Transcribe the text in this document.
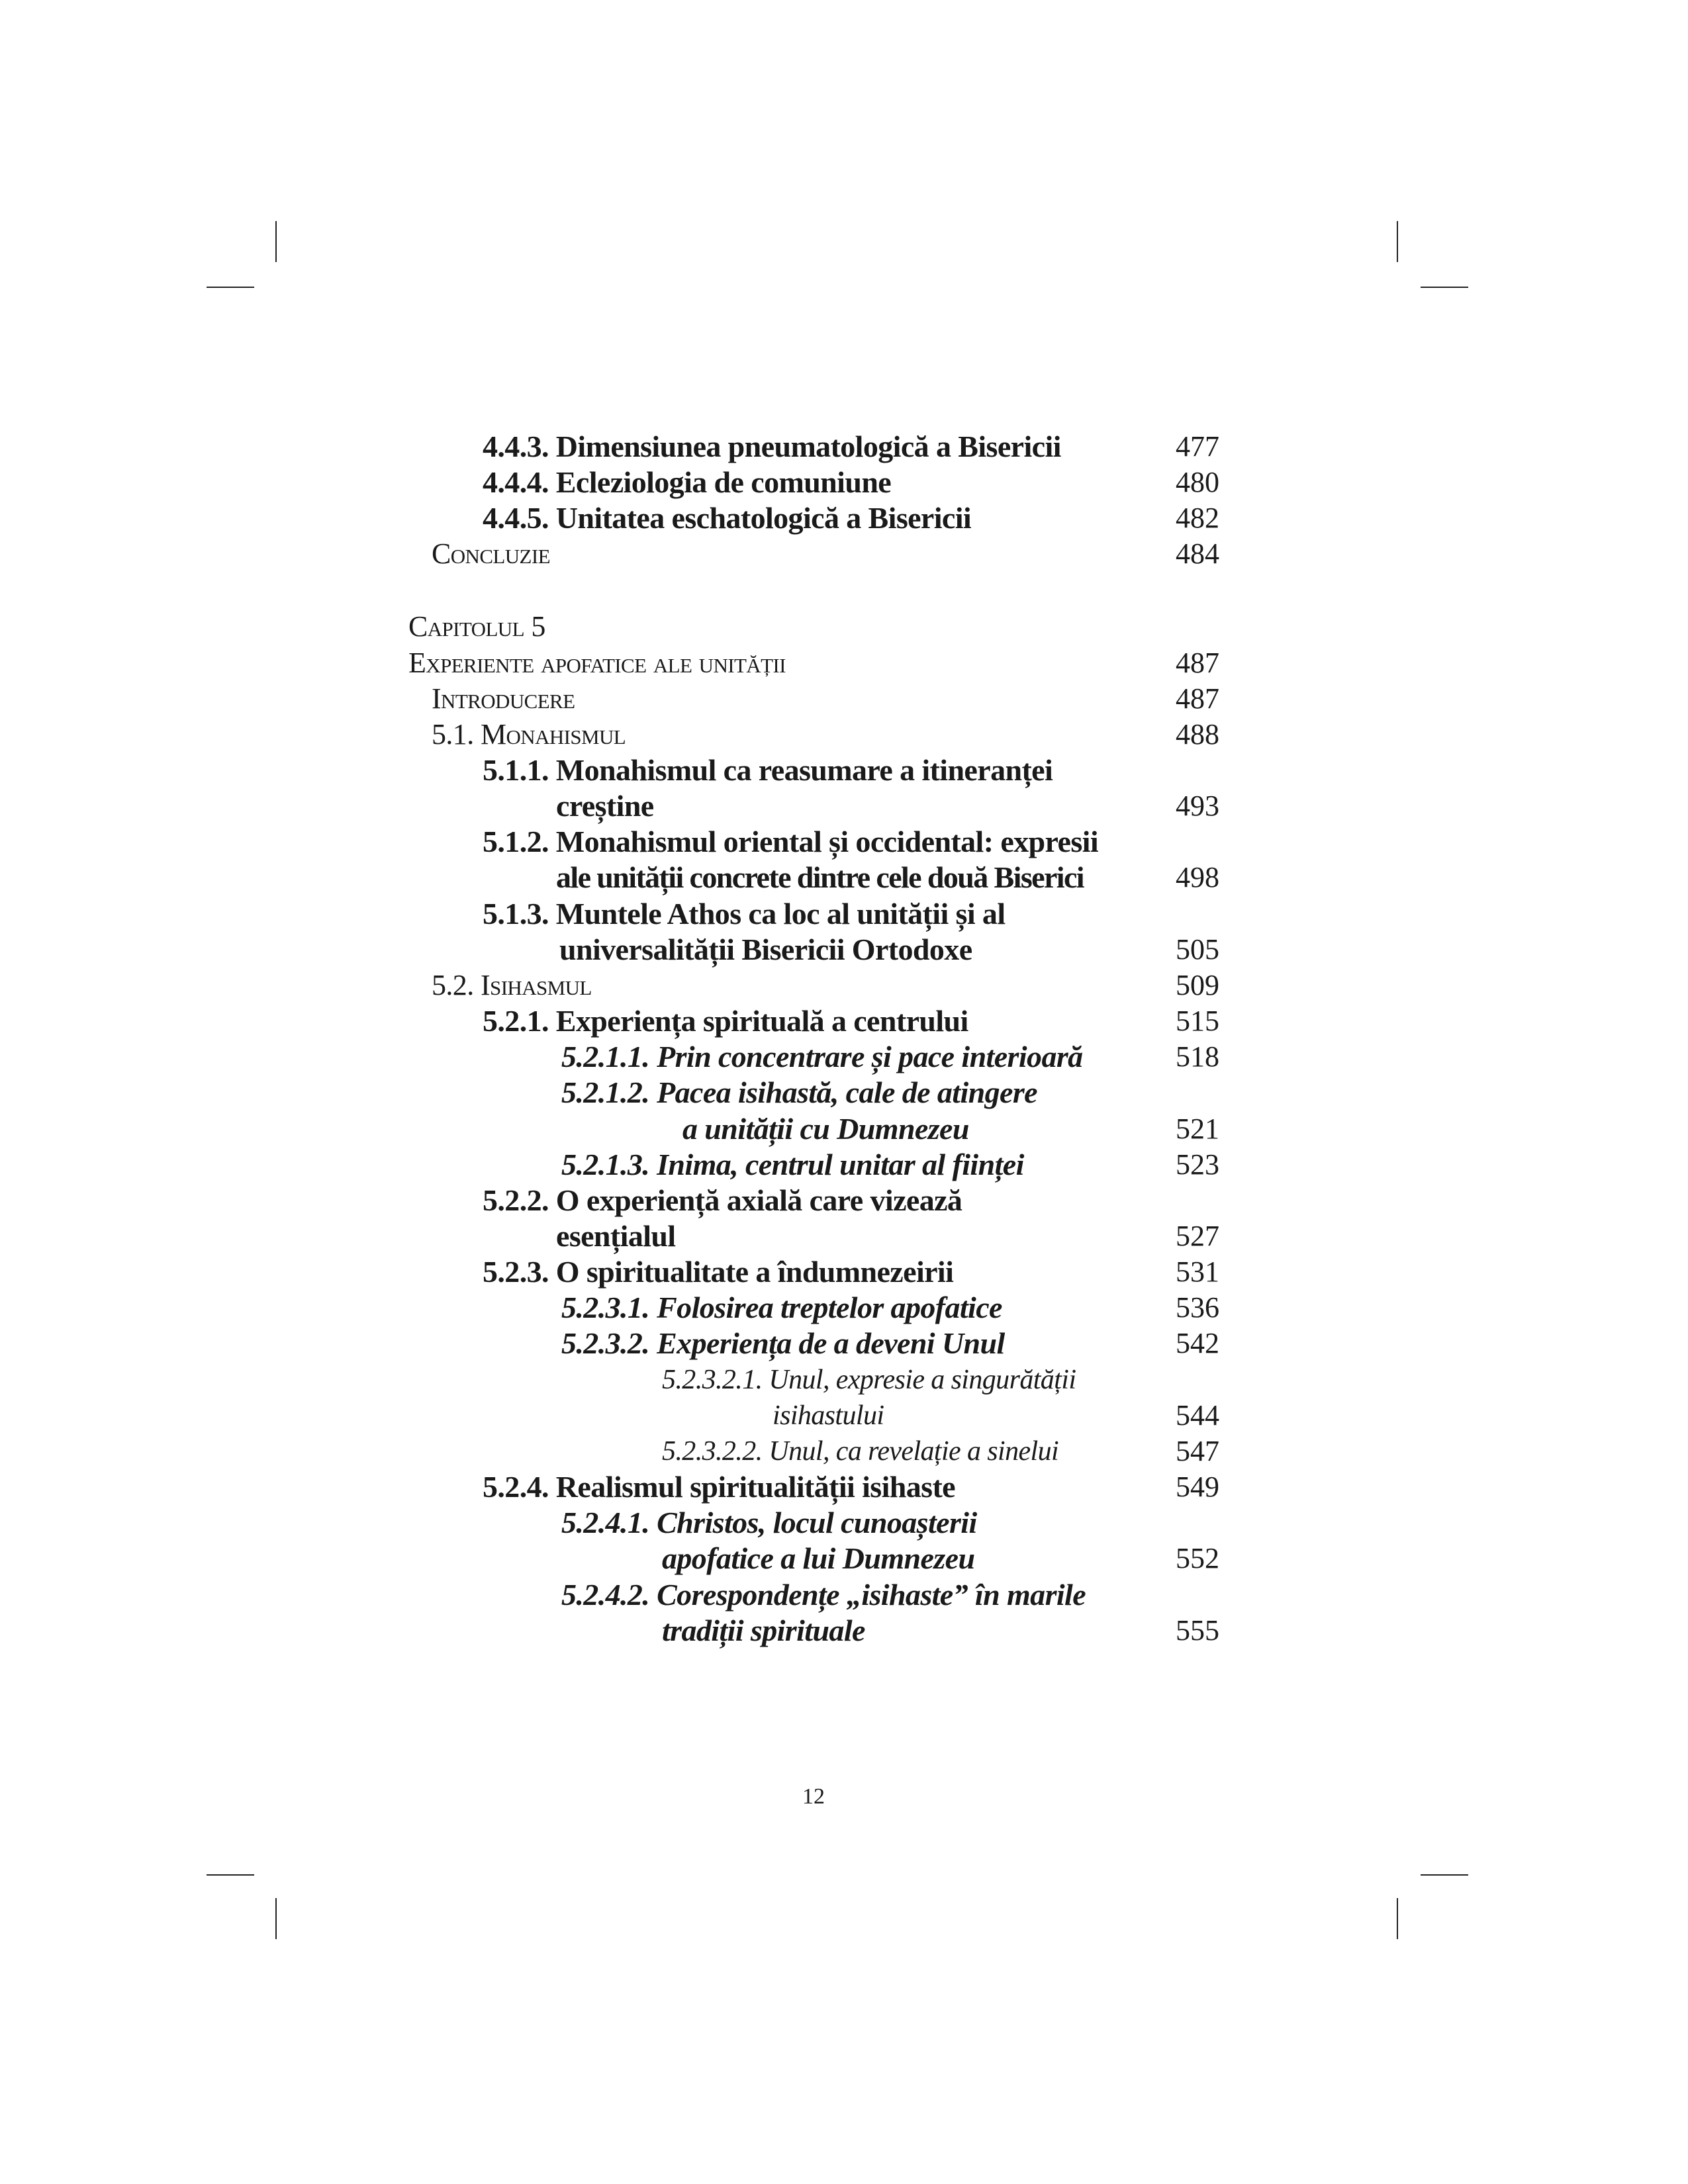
4.4.3. Dimensiunea pneumatologică a Bisericii	477
4.4.4. Ecleziologia de comuniune	480
4.4.5. Unitatea eschatologică a Bisericii	482
Concluzie	484
Capitolul 5
Experiente apofatice ale unității	487
Introducere	487
5.1. Monahismul	488
5.1.1. Monahismul ca reasumare a itineranței
creștine	493
5.1.2. Monahismul oriental și occidental: expresii
ale unității concrete dintre cele două Biserici	498
5.1.3. Muntele Athos ca loc al unității și al
universalității Bisericii Ortodoxe	505
5.2. Isihasmul	509
5.2.1. Experiența spirituală a centrului	515
5.2.1.1. Prin concentrare și pace interioară	518
5.2.1.2. Pacea isihastă, cale de atingere
a unității cu Dumnezeu	521
5.2.1.3. Inima, centrul unitar al ființei	523
5.2.2. O experiență axială care vizează
esențialul	527
5.2.3. O spiritualitate a îndumnezeirii	531
5.2.3.1. Folosirea treptelor apofatice	536
5.2.3.2. Experiența de a deveni Unul	542
5.2.3.2.1. Unul, expresie a singurătății
isihastului	544
5.2.3.2.2. Unul, ca revelație a sinelui	547
5.2.4. Realismul spiritualității isihaste	549
5.2.4.1. Christos, locul cunoașterii
apofatice a lui Dumnezeu	552
5.2.4.2. Corespondențe „isihaste” în marile
tradiții spirituale	555
12
